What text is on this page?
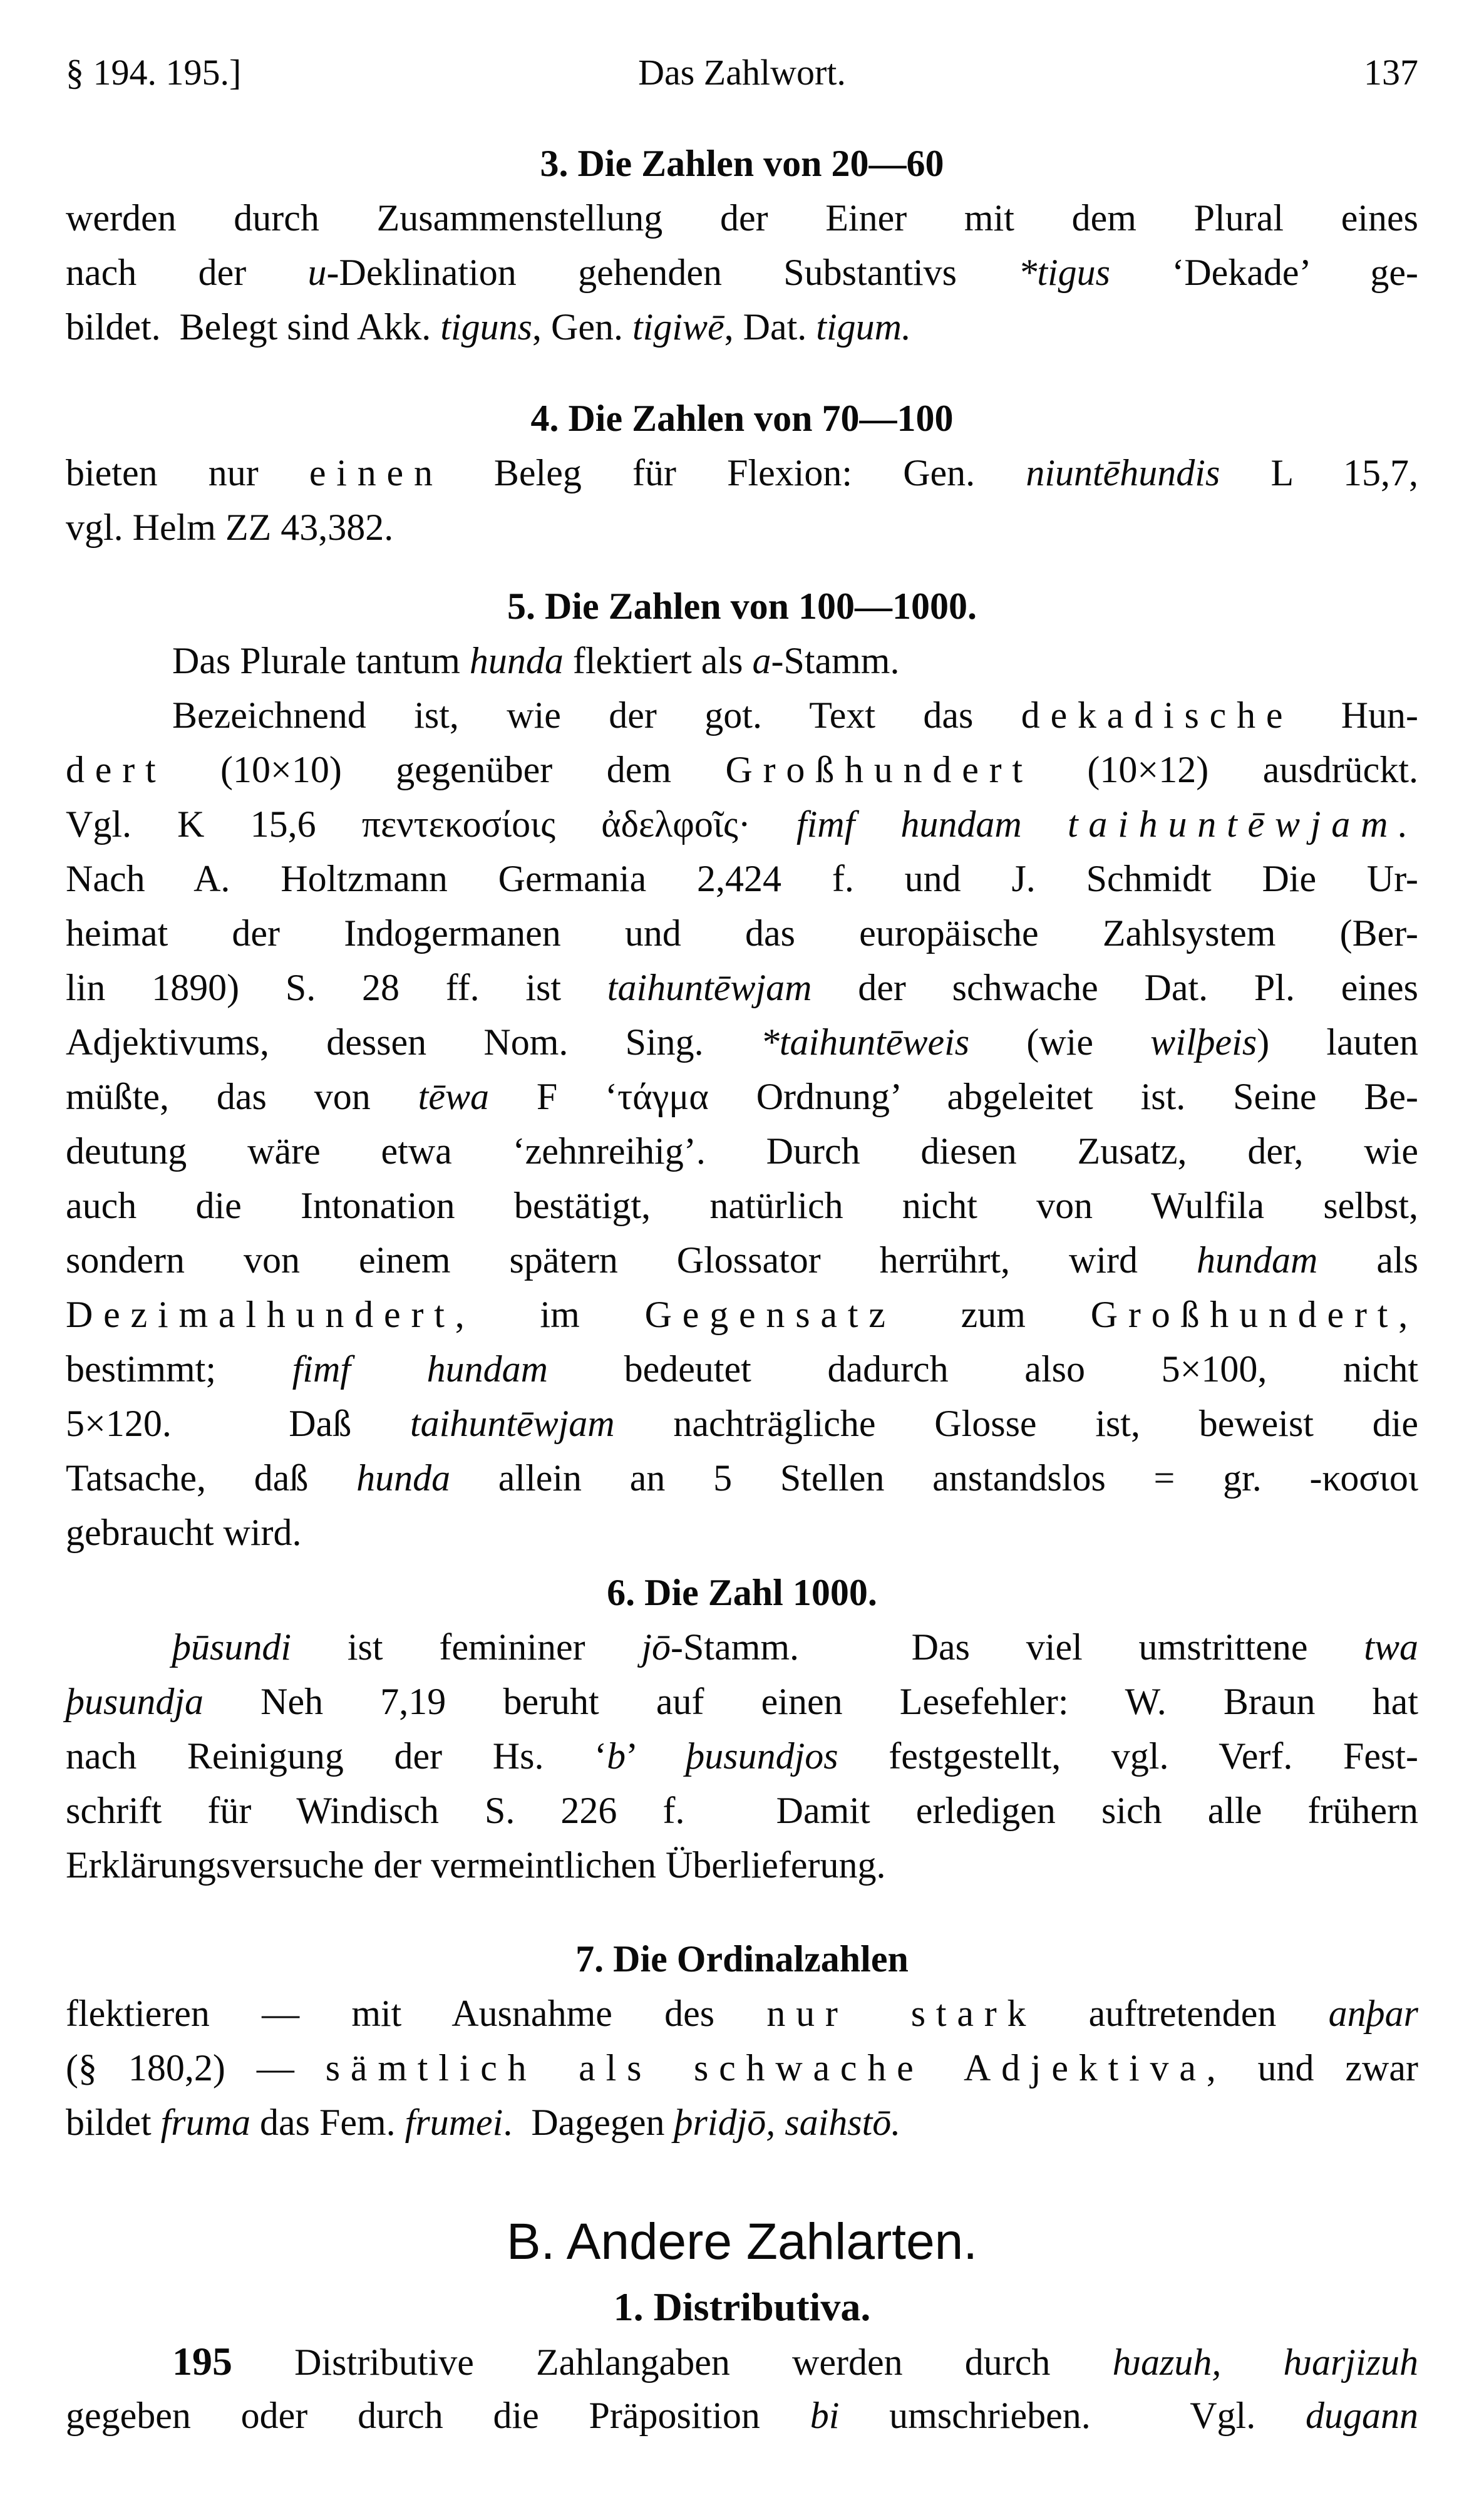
§ 194. 195.]	Das Zahlwort.	137
3. Die Zahlen von 20—60
werden durch Zusammenstellung der Einer mit dem Plural eines
nach der u-Deklination gehenden Substantivs *tigus ‘Dekade’ ge-
bildet.  Belegt sind Akk. tiguns, Gen. tigiwē, Dat. tigum.
4. Die Zahlen von 70—100
bieten nur einen Beleg für Flexion: Gen. niuntēhundis L 15,7,
vgl. Helm ZZ 43,382.
5. Die Zahlen von 100—1000.
Das Plurale tantum hunda flektiert als a-Stamm.
Bezeichnend ist, wie der got. Text das dekadische Hun-
dert (10×10) gegenüber dem Großhundert (10×12) ausdrückt.
Vgl. K 15,6 πεντεκοσίοις ἀδελφοῖς· fimf hundam taihuntēwjam.
Nach A. Holtzmann Germania 2,424 f. und J. Schmidt Die Ur-
heimat der Indogermanen und das europäische Zahlsystem (Ber-
lin 1890) S. 28 ff. ist taihuntēwjam der schwache Dat. Pl. eines
Adjektivums, dessen Nom. Sing. *taihuntēweis (wie wilþeis) lauten
müßte, das von tēwa F ‘τάγμα Ordnung’ abgeleitet ist. Seine Be-
deutung wäre etwa ‘zehnreihig’. Durch diesen Zusatz, der, wie
auch die Intonation bestätigt, natürlich nicht von Wulfila selbst,
sondern von einem spätern Glossator herrührt, wird hundam als
Dezimalhundert, im Gegensatz zum Großhundert,
bestimmt; fimf hundam bedeutet dadurch also 5×100, nicht
5×120.  Daß taihuntēwjam nachträgliche Glosse ist, beweist die
Tatsache, daß hunda allein an 5 Stellen anstandslos = gr. -κοσιοι
gebraucht wird.
6. Die Zahl 1000.
þūsundi ist femininer jō-Stamm.  Das viel umstrittene twa
þusundja Neh 7,19 beruht auf einen Lesefehler: W. Braun hat
nach Reinigung der Hs. ‘b’ þusundjos festgestellt, vgl. Verf. Fest-
schrift für Windisch S. 226 f.  Damit erledigen sich alle frühern
Erklärungsversuche der vermeintlichen Überlieferung.
7. Die Ordinalzahlen
flektieren — mit Ausnahme des nur stark auftretenden anþar
(§ 180,2) — sämtlich als schwache Adjektiva, und zwar
bildet fruma das Fem. frumei.  Dagegen þridjō, saihstō.
B. Andere Zahlarten.
1. Distributiva.
195 Distributive Zahlangaben werden durch ƕazuh, ƕarjizuh
gegeben oder durch die Präposition bi umschrieben.  Vgl. dugann
